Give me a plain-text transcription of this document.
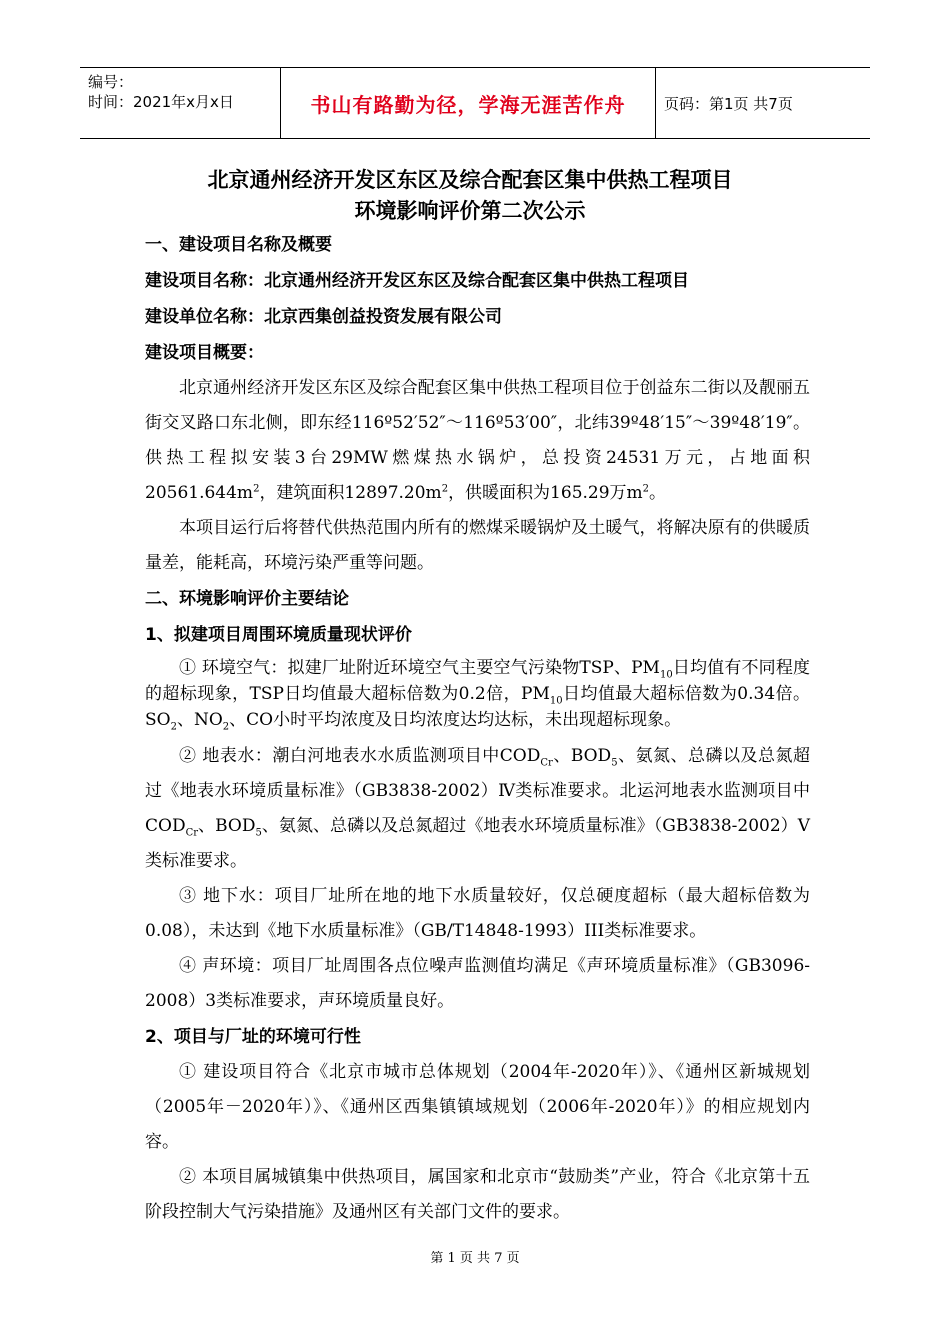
编号：
时间：2021年x月x日	书山有路勤为径，学海无涯苦作舟	页码：第1页 共7页
北京通州经济开发区东区及综合配套区集中供热工程项目
环境影响评价第二次公示

一、建设项目名称及概要

建设项目名称：北京通州经济开发区东区及综合配套区集中供热工程项目

建设单位名称：北京西集创益投资发展有限公司

建设项目概要：

北京通州经济开发区东区及综合配套区集中供热工程项目位于创益东二街以及靓丽五街交叉路口东北侧，即东经116º52′52″～116º53′00″，北纬39º48′15″～39º48′19″。供热工程拟安装3台29MW燃煤热水锅炉，总投资24531万元，占地面积$20561.644m^2$，建筑面积$12897.20m^2$，供暖面积为165.29万$m^2$。

本项目运行后将替代供热范围内所有的燃煤采暖锅炉及土暖气，将解决原有的供暖质量差，能耗高，环境污染严重等问题。

二、环境影响评价主要结论

1、拟建项目周围环境质量现状评价

① 环境空气：拟建厂址附近环境空气主要空气污染物TSP、$PM_{10}$日均值有不同程度的超标现象，TSP日均值最大超标倍数为0.2倍，$PM_{10}$日均值最大超标倍数为0.34倍。$SO_2$、$NO_2$、CO小时平均浓度及日均浓度达均达标，未出现超标现象。

② 地表水：潮白河地表水水质监测项目中$COD_{Cr}$、$BOD_5$、氨氮、总磷以及总氮超过《地表水环境质量标准》（GB3838-2002）Ⅳ类标准要求。北运河地表水监测项目中$COD_{Cr}$、$BOD_5$、氨氮、总磷以及总氮超过《地表水环境质量标准》（GB3838-2002）Ⅴ类标准要求。

③ 地下水：项目厂址所在地的地下水质量较好，仅总硬度超标（最大超标倍数为0.08），未达到《地下水质量标准》（GB/T14848-1993）III类标准要求。

④ 声环境：项目厂址周围各点位噪声监测值均满足《声环境质量标准》（GB3096-2008）3类标准要求，声环境质量良好。

2、项目与厂址的环境可行性

① 建设项目符合《北京市城市总体规划（2004年-2020年）》、《通州区新城规划（2005年－2020年）》、《通州区西集镇镇域规划（2006年-2020年）》的相应规划内容。

② 本项目属城镇集中供热项目，属国家和北京市“鼓励类”产业，符合《北京第十五阶段控制大气污染措施》及通州区有关部门文件的要求。

第 1 页 共 7 页
